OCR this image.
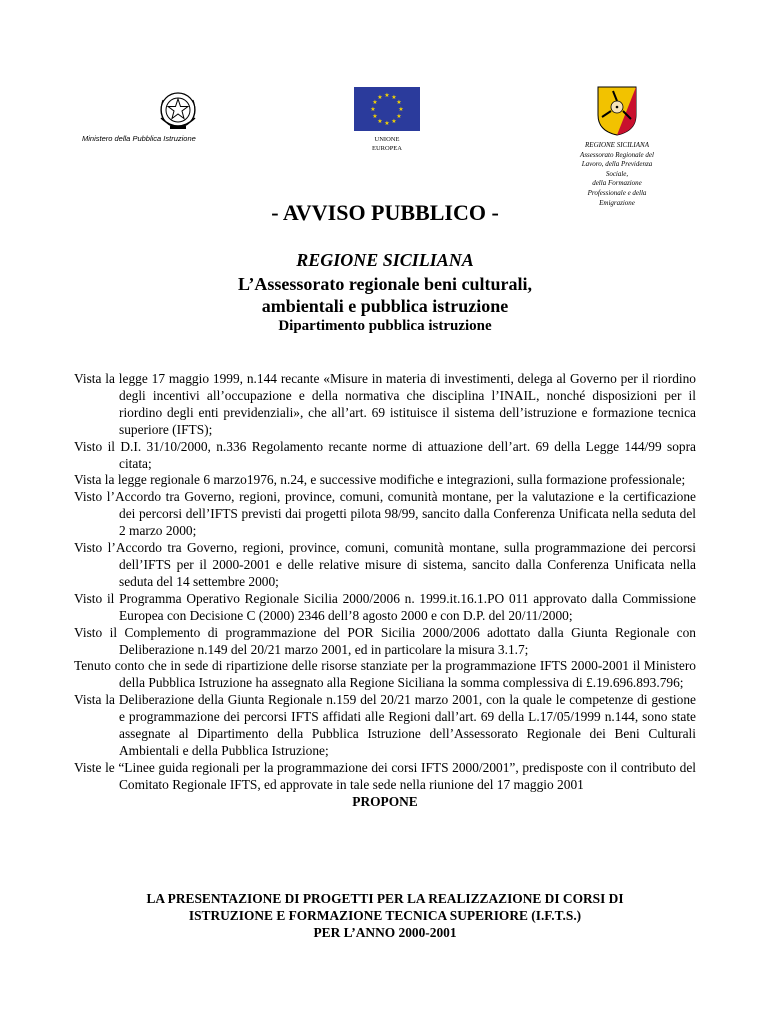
Ministero della Pubblica Istruzione
★ ★
★
★
★
★
★
★
★
★
★
★
UNIONE
EUROPEA	REGIONE SICILIANA
Assessorato Regionale del
Lavoro, della Previdenza
Sociale,
della Formazione
Professionale e della
Emigrazione
- AVVISO PUBBLICO -
REGIONE SICILIANA
L’Assessorato regionale beni culturali,
ambientali e pubblica istruzione
Dipartimento pubblica istruzione

Vista la legge 17 maggio 1999, n.144 recante «Misure in materia di investimenti, delega al Governo per il riordino degli incentivi all’occupazione e della normativa che disciplina l’INAIL, nonché disposizioni per il riordino degli enti previdenziali», che all’art. 69 istituisce il sistema dell’istruzione e formazione tecnica superiore (IFTS);

Visto il D.I. 31/10/2000, n.336 Regolamento recante norme di attuazione dell’art. 69 della Legge 144/99 sopra citata;

Vista la legge regionale 6 marzo1976, n.24, e successive modifiche e integrazioni, sulla formazione professionale;

Visto l’Accordo tra Governo, regioni, province, comuni, comunità montane, per la valutazione e la certificazione dei percorsi dell’IFTS previsti dai progetti pilota 98/99, sancito dalla Conferenza Unificata nella seduta del 2 marzo 2000;

Visto l’Accordo tra Governo, regioni, province, comuni, comunità montane, sulla programmazione dei percorsi dell’IFTS per il 2000-2001 e delle relative misure di sistema, sancito dalla Conferenza Unificata nella seduta del 14 settembre 2000;

Visto il Programma Operativo Regionale Sicilia 2000/2006 n. 1999.it.16.1.PO 011 approvato dalla Commissione Europea con Decisione C (2000) 2346 dell’8 agosto 2000 e con D.P. del 20/11/2000;

Visto il Complemento di programmazione del POR Sicilia 2000/2006 adottato dalla Giunta Regionale con Deliberazione n.149 del 20/21 marzo 2001, ed in particolare la misura 3.1.7;

Tenuto conto che in sede di ripartizione delle risorse stanziate per la programmazione IFTS 2000-2001 il Ministero della Pubblica Istruzione ha assegnato alla Regione Siciliana la somma complessiva di £.19.696.893.796;

Vista la Deliberazione della Giunta Regionale n.159 del 20/21 marzo 2001, con la quale le competenze di gestione e programmazione dei percorsi IFTS affidati alle Regioni dall’art. 69 della L.17/05/1999 n.144, sono state assegnate al Dipartimento della Pubblica Istruzione dell’Assessorato Regionale dei Beni Culturali Ambientali e della Pubblica Istruzione;

Viste le “Linee guida regionali per la programmazione dei corsi IFTS 2000/2001”, predisposte con il contributo del Comitato Regionale IFTS, ed approvate in tale sede nella riunione del 17 maggio 2001

PROPONE

LA PRESENTAZIONE DI PROGETTI PER LA REALIZZAZIONE DI CORSI DI
ISTRUZIONE E FORMAZIONE TECNICA SUPERIORE (I.F.T.S.)
PER L’ANNO 2000-2001
